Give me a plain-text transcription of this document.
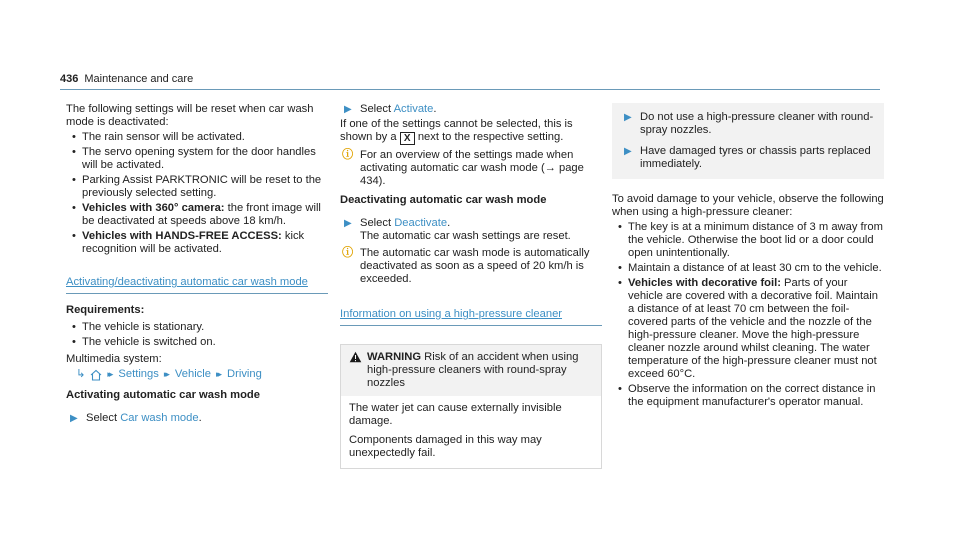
436 Maintenance and care

The following settings will be reset when car wash mode is deactivated:

• The rain sensor will be activated.
• The servo opening system for the door handles will be activated.
• Parking Assist PARKTRONIC will be reset to the previously selected setting.
• Vehicles with 360° camera: the front image will be deactivated at speeds above 18 km/h.
• Vehicles with HANDS-FREE ACCESS: kick recognition will be activated.
Activating/deactivating automatic car wash mode
Requirements:
• The vehicle is stationary.
• The vehicle is switched on.

Multimedia system:

↳ ▸▸ Settings ▸▸ Vehicle ▸▸ Driving
Activating automatic car wash mode
▶ Select Car wash mode.
▶ Select Activate.

If one of the settings cannot be selected, this is shown by a X next to the respective setting.

ⓘ For an overview of the settings made when activating automatic car wash mode (→ page 434).
Deactivating automatic car wash mode
▶ Select Deactivate.
The automatic car wash settings are reset.
ⓘ The automatic car wash mode is automatically deactivated as soon as a speed of 20 km/h is exceeded.
Information on using a high-pressure cleaner
WARNING Risk of an accident when using high-pressure cleaners with round-spray nozzles

The water jet can cause externally invisible damage.

Components damaged in this way may unexpectedly fail.

▶ Do not use a high-pressure cleaner with round-spray nozzles.
▶ Have damaged tyres or chassis parts replaced immediately.

To avoid damage to your vehicle, observe the following when using a high-pressure cleaner:

• The key is at a minimum distance of 3 m away from the vehicle. Otherwise the boot lid or a door could open unintentionally.
• Maintain a distance of at least 30 cm to the vehicle.
• Vehicles with decorative foil: Parts of your vehicle are covered with a decorative foil. Maintain a distance of at least 70 cm between the foil-covered parts of the vehicle and the nozzle of the high-pressure cleaner. Move the high-pressure cleaner nozzle around whilst cleaning. The water temperature of the high-pressure cleaner must not exceed 60°C.
• Observe the information on the correct distance in the equipment manufacturer's operator manual.
